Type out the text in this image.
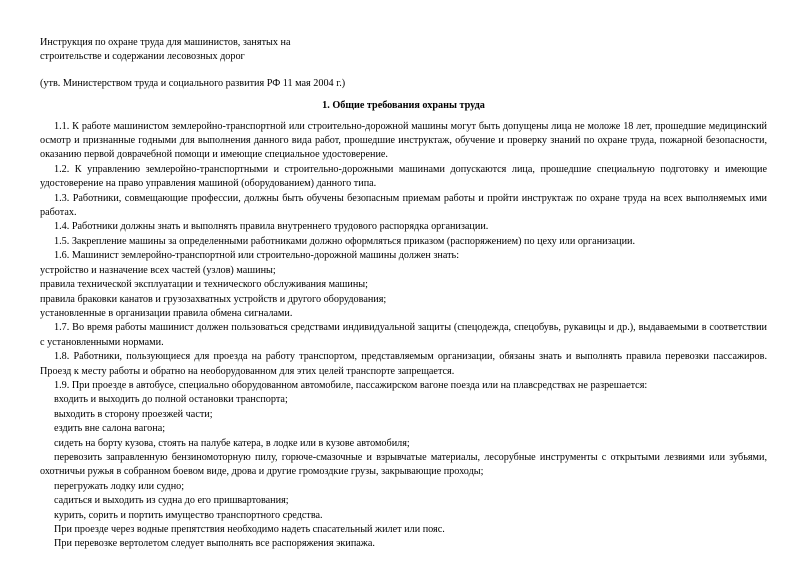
Инструкция по охране труда для машинистов, занятых на
строительстве и содержании лесовозных дорог
(утв. Министерством труда и социального развития РФ 11 мая 2004 г.)
1. Общие требования охраны труда

1.1. К работе машинистом землеройно-транспортной или строительно-дорожной машины могут быть допущены лица не моложе 18 лет, прошедшие медицинский осмотр и признанные годными для выполнения данного вида работ, прошедшие инструктаж, обучение и проверку знаний по охране труда, пожарной безопасности, оказанию первой доврачебной помощи и имеющие специальное удостоверение.

1.2. К управлению землеройно-транспортными и строительно-дорожными машинами допускаются лица, прошедшие специальную подготовку и имеющие удостоверение на право управления машиной (оборудованием) данного типа.

1.3. Работники, совмещающие профессии, должны быть обучены безопасным приемам работы и пройти инструктаж по охране труда на всех выполняемых ими работах.

1.4. Работники должны знать и выполнять правила внутреннего трудового распорядка организации.

1.5. Закрепление машины за определенными работниками должно оформляться приказом (распоряжением) по цеху или организации.

1.6. Машинист землеройно-транспортной или строительно-дорожной машины должен знать:

устройство и назначение всех частей (узлов) машины;
правила технической эксплуатации и технического обслуживания машины;
правила браковки канатов и грузозахватных устройств и другого оборудования;
установленные в организации правила обмена сигналами.

1.7. Во время работы машинист должен пользоваться средствами индивидуальной защиты (спецодежда, спецобувь, рукавицы и др.), выдаваемыми в соответствии с установленными нормами.

1.8. Работники, пользующиеся для проезда на работу транспортом, представляемым организации, обязаны знать и выполнять правила перевозки пассажиров. Проезд к месту работы и обратно на необорудованном для этих целей транспорте запрещается.

1.9. При проезде в автобусе, специально оборудованном автомобиле, пассажирском вагоне поезда или на плавсредствах не разрешается:

входить и выходить до полной остановки транспорта;
выходить в сторону проезжей части;
ездить вне салона вагона;
сидеть на борту кузова, стоять на палубе катера, в лодке или в кузове автомобиля;

перевозить заправленную бензиномоторную пилу, горюче-смазочные и взрывчатые материалы, лесорубные инструменты с открытыми лезвиями или зубьями, охотничьи ружья в собранном боевом виде, дрова и другие громоздкие грузы, закрывающие проходы;

перегружать лодку или судно;
садиться и выходить из судна до его пришвартования;
курить, сорить и портить имущество транспортного средства.
При проезде через водные препятствия необходимо надеть спасательный жилет или пояс.
При перевозке вертолетом следует выполнять все распоряжения экипажа.
